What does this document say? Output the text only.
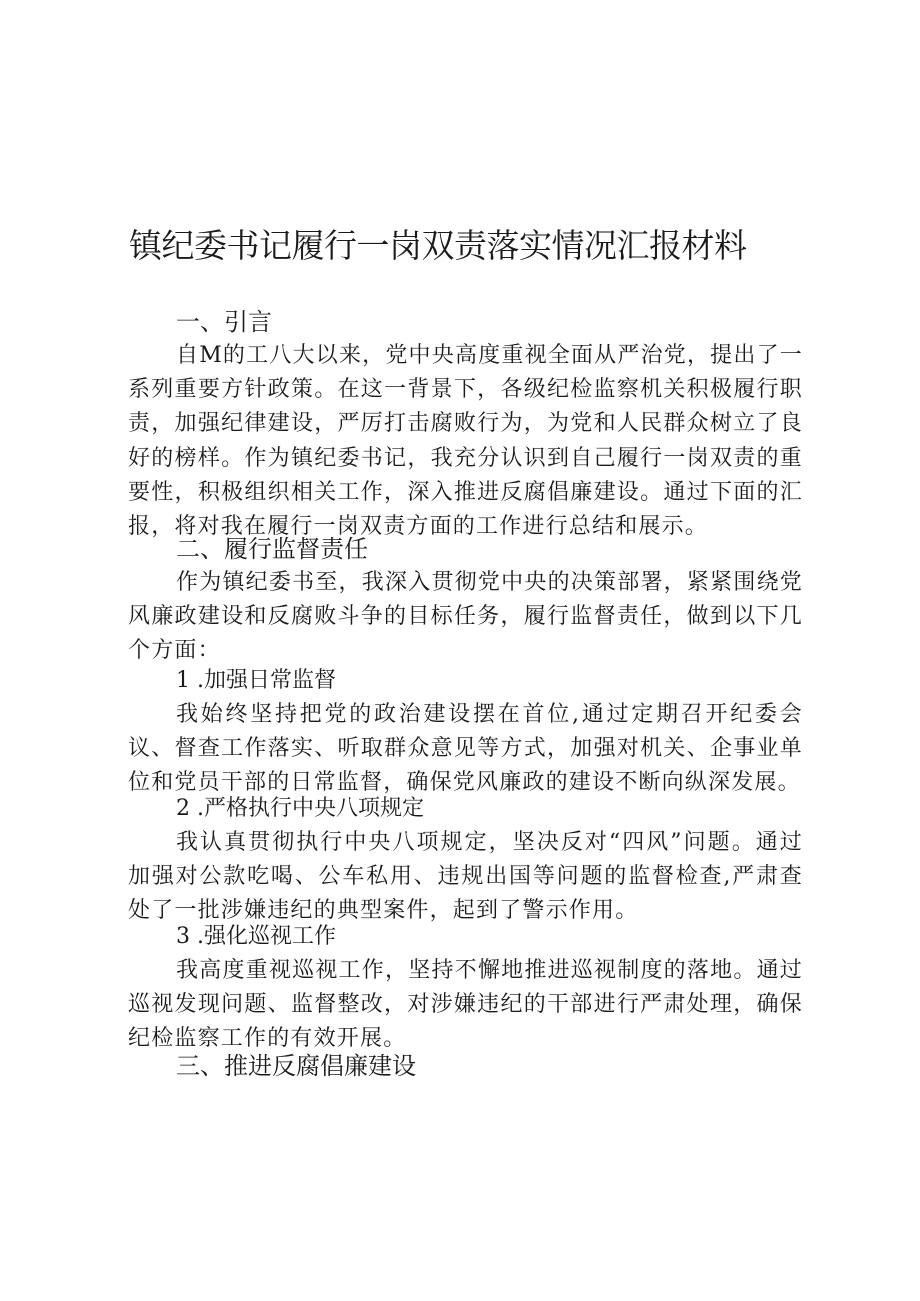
镇纪委书记履行一岗双责落实情况汇报材料
一、引言

自M的工八大以来，党中央高度重视全面从严治党，提出了一系列重要方针政策。在这一背景下，各级纪检监察机关积极履行职责，加强纪律建设，严厉打击腐败行为，为党和人民群众树立了良好的榜样。作为镇纪委书记，我充分认识到自己履行一岗双责的重要性，积极组织相关工作，深入推进反腐倡廉建设。通过下面的汇报，将对我在履行一岗双责方面的工作进行总结和展示。

二、履行监督责任

作为镇纪委书至，我深入贯彻党中央的决策部署，紧紧围绕党风廉政建设和反腐败斗争的目标任务，履行监督责任，做到以下几个方面：

1 .加强日常监督

我始终坚持把党的政治建设摆在首位,通过定期召开纪委会议、督查工作落实、听取群众意见等方式，加强对机关、企事业单位和党员干部的日常监督，确保党风廉政的建设不断向纵深发展。

2 .严格执行中央八项规定

我认真贯彻执行中央八项规定，坚决反对“四风”问题。通过加强对公款吃喝、公车私用、违规出国等问题的监督检查,严肃查处了一批涉嫌违纪的典型案件，起到了警示作用。

3 .强化巡视工作

我高度重视巡视工作，坚持不懈地推进巡视制度的落地。通过巡视发现问题、监督整改，对涉嫌违纪的干部进行严肃处理，确保纪检监察工作的有效开展。

三、推进反腐倡廉建设
